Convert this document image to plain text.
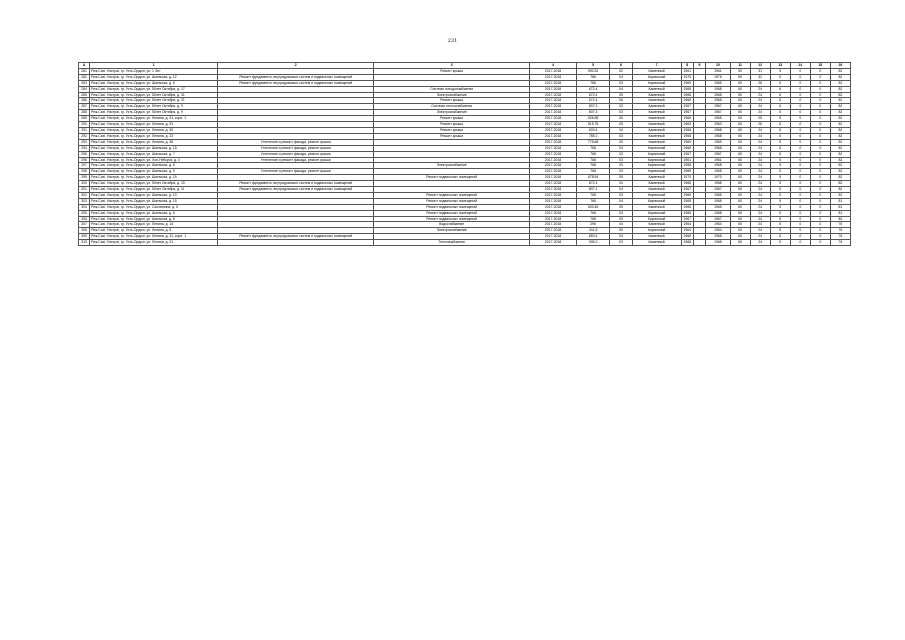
231
А	1	2	3	4	5	6	7	8	9	10	11	12	13	14	15	16
281	Реж.Сахі. Нэстраі, гр. Усть-Ордын, ул. 1 Энт		Ремонт крыши	2017-2018	590.32	02	Каменный	1961		1961	50	31	5	0	0	82
282	Реж.Сахі. Нэстраі, гр. Усть-Ордын, ул. Шатакоза, д. 12	Ремонт фундамента, внутридомовых систем и подвальных помещений		2017-2018	786	04	Кирпичный	1975		1975	80	32	5	0	0	82
283	Реж.Сахі. Нэстраі, гр. Усть-Ордын, ул. Шатакоза, д. 6	Ремонт фундамента, внутридомовых систем и подвальных помещений		2017-2018	786	03	Кирпичный	1965		1965	60	28	5	0	0	82
284	Реж.Сахі. Нэстраі, гр. Усть-Ордын, ул. 50лет Октября, д. 17		Система холодоснабжения	2017-2018	672.4	04	Каменный	1968		1968	60	24	6	0	0	82
285	Реж.Сахі. Нэстраі, гр. Усть-Ордын, ул. 50лет Октября, д. 31		Электроснабжение	2017-2018	672.4	05	Каменный	1968		1968	50	24	6	0	0	82
286	Реж.Сахі. Нэстраі, гр. Усть-Ордын, ул. 50лет Октября, д. 21		Ремонт крыши	2017-2018	672.4	06	Каменный	1968		1968	60	24	5	0	0	82
287	Реж.Сахі. Нэстраі, гр. Усть-Ордын, ул. 50лет Октября, д. 9		Система теплоснабжения	2017-2018	807.3	03	Каменный	1967		1967	60	24	6	0	0	82
288	Реж.Сахі. Нэстраі, гр. Усть-Ордын, ул. 50лет Октября, д. 9		Электроснабжение	2017-2018	807.3	03	Каменный	1967		1967	60	24	5	0	0	82
289	Реж.Сахі. Нэстраі, гр. Усть-Ордын, ул. Ленина, д. 31, корп. 1		Ремонт крыши	2017-2018	526.98	06	Каменный	1965		1965	60	25	5	0	0	82
290	Реж.Сахі. Нэстраі, гр. Усть-Ордын, ул. Ленина, д. 51		Ремонт крыши	2017-2018	515.75	05	Каменный	1963		1963	60	26	5	0	0	82
291	Реж.Сахі. Нэстраі, гр. Усть-Ордын, ул. Ленина, д. 30		Ремонт крыши	2017-2018	603.4	04	Каменный	1968		1968	60	24	5	0	0	82
292	Реж.Сахі. Нэстраі, гр. Усть-Ордын, ул. Ленина, д. 23		Ремонт крыши	2017-2018	785.2	03	Каменный	1968		1968	60	24	5	0	0	82
293	Реж.Сахі. Нэстраі, гр. Усть-Ордын, ул. Ленина, д. 38	Утепление и ремонт фасада, ремонт крыши		2017-2018	775.68	05	Каменный	1969		1969	60	24	5	0	0	82
294	Реж.Сахі. Нэстраі, гр. Усть-Ордын, ул. Шатакоза, д. 15	Утепление и ремонт фасада, ремонт крыши		2017-2018	768	04	Кирпичный	1968		1968	60	24	5	0	0	82
295	Реж.Сахі. Нэстраі, гр. Усть-Ордын, ул. Шатакоза, д. 7	Утепление и ремонт фасада, ремонт крыши		2017-2018	768	03	Кирпичный	1967		1967	60	24	5	0	0	82
296	Реж.Сахі. Нэстраі, гр. Усть-Ордын, ул. Хон-Неборга, д. 4	Утепление и ремонт фасада, ремонт крыши		2017-2018	768	03	Кирпичный	1961		1961	60	24	5	0	0	82
297	Реж.Сахі. Нэстраі, гр. Усть-Ордын, ул. Шатакоза, д. 6		Электроснабжение	2017-2018	768	03	Кирпичный	1968		1968	60	24	5	0	0	82
298	Реж.Сахі. Нэстраі, гр. Усть-Ордын, ул. Шатакоза, д. 9	Утепление и ремонт фасада, ремонт крыши		2017-2018	768	03	Кирпичный	1968		1968	60	24	5	0	0	82
299	Реж.Сахі. Нэстраі, гр. Усть-Ордын, ул. Шатакоза, д. 15		Ремонт подвальных помещений	2017-2018	678.54	05	Каменный	1970		1970	60	24	5	0	0	82
300	Реж.Сахі. Нэстраі, гр. Усть-Ордын, ул. 50лет Октября, д. 15	Ремонт фундамента, внутридомовых систем и подвальных помещений		2017-2018	672.4	04	Каменный	1968		1968	60	24	5	0	0	82
301	Реж.Сахі. Нэстраі, гр. Усть-Ордын, ул. 50лет Октября, д. 11	Ремонт фундамента, внутридомовых систем и подвальных помещений		2017-2018	807.1	04	Каменный	1967		1967	60	24	5	0	0	82
302	Реж.Сахі. Нэстраі, гр. Усть-Ордын, ул. Шатакоза, д. 10		Ремонт подвальных помещений	2017-2018	768	03	Кирпичный	1966		1966	60	24	5	0	0	82
303	Реж.Сахі. Нэстраі, гр. Усть-Ордын, ул. Шатакоза, д. 15		Ремонт подвальных помещений	2017-2018	768	04	Кирпичный	1968		1968	60	24	5	0	0	81
304	Реж.Сахі. Нэстраі, гр. Усть-Ордын, ул. Сахчаткина, д. 5		Ремонт подвальных помещений	2017-2018	603.45	05	Каменный	1965		1965	60	24	5	0	0	81
305	Реж.Сахі. Нэстраі, гр. Усть-Ордын, ул. Шатакоза, д. 6		Ремонт подвальных помещений	2017-2018	768	03	Кирпичный	1968		1968	60	24	5	0	0	81
306	Реж.Сахі. Нэстраі, гр. Усть-Ордын, ул. Шатакоза, д. 8		Ремонт подвальных помещений	2017-2018	768	03	Кирпичный	1967		1967	60	24	5	0	0	82
307	Реж.Сахі. Нэстраі, гр. Усть-Ордын, ул. Ленина, д. 14		Водоснабжение	2017-2018	296	04	Каменный	1964		1964	60	24	5	0	0	76
308	Реж.Сахі. Нэстраі, гр. Усть-Ордын, ул. Ленина, д. 5		Электроснабжение	2017-2018	341.5	05	Кирпичный	1964		1964	60	24	5	0	0	76
309	Реж.Сахі. Нэстраі, гр. Усть-Ордын, ул. Ленина, д. 31, корп. 1	Ремонт фундамента, внутридомовых систем и подвальных помещений		2017-2018	653.4	04	Каменный	1968		1968	60	24	5	0	0	76
310	Реж.Сахі. Нэстраі, гр. Усть-Ордын, ул. Ленина, д. 31		Теплоснабжение	2017-2018	905.2	03	Каменный	1968		1968	60	24	5	0	0	76
